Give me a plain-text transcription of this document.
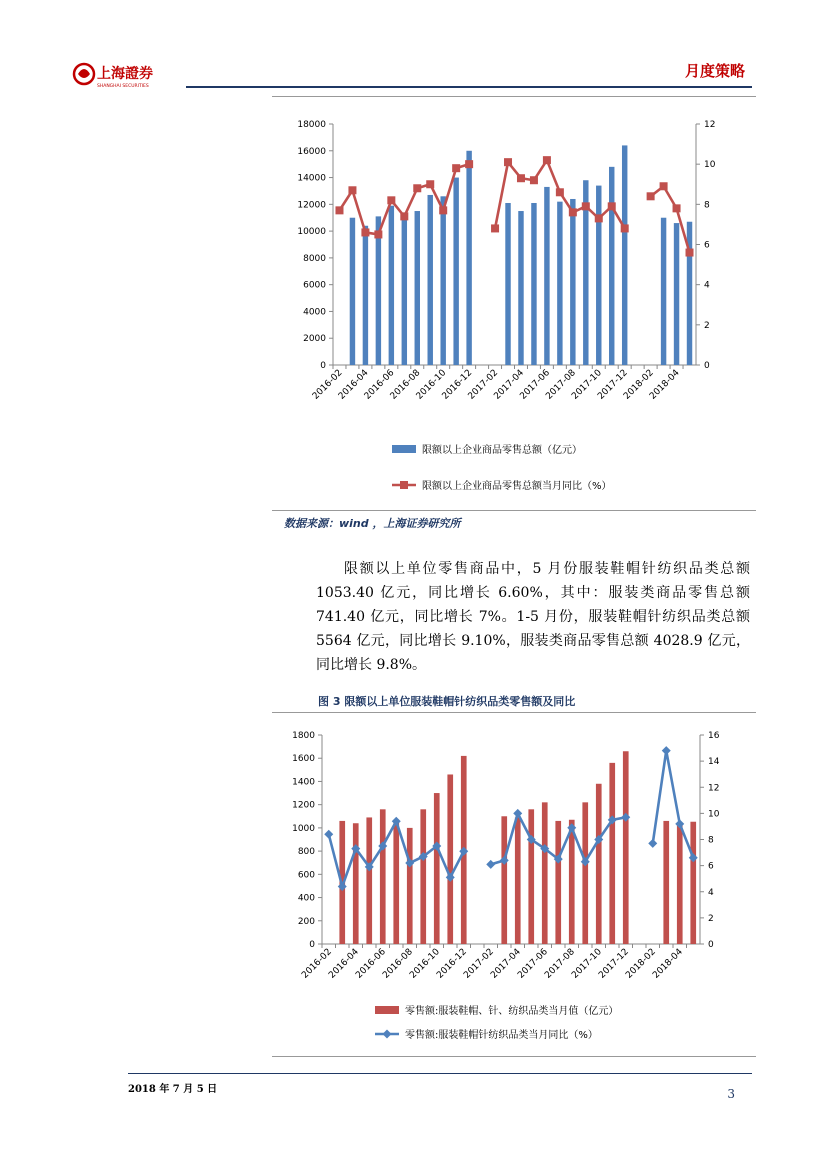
上海證券
SHANGHAI SECURITIES
月度策略
0
2000
4000
6000
8000
10000
12000
14000
16000
18000
0
2
4
6
8
10
12
2016-02
2016-04
2016-06
2016-08
2016-10
2016-12
2017-02
2017-04
2017-06
2017-08
2017-10
2017-12
2018-02
2018-04
限额以上企业商品零售总额（亿元）
限额以上企业商品零售总额当月同比（%）
数据来源：wind ，上海证券研究所

限额以上单位零售商品中，5 月份服装鞋帽针纺织品类总额1053.40 亿元，同比增长 6.60%，其中：服装类商品零售总额 741.40 亿元，同比增长 7%。1-5 月份，服装鞋帽针纺织品类总额 5564 亿元，同比增长 9.10%，服装类商品零售总额 4028.9 亿元，同比增长 9.8%。

图 3 限额以上单位服装鞋帽针纺织品类零售额及同比
0
200
400
600
800
1000
1200
1400
1600
1800
0
2
4
6
8
10
12
14
16
2016-02
2016-04
2016-06
2016-08
2016-10
2016-12
2017-02
2017-04
2017-06
2017-08
2017-10
2017-12
2018-02
2018-04
零售额:服装鞋帽、针、纺织品类当月值（亿元）
零售额:服装鞋帽针纺织品类当月同比（%）
2018 年 7 月 5 日	3
